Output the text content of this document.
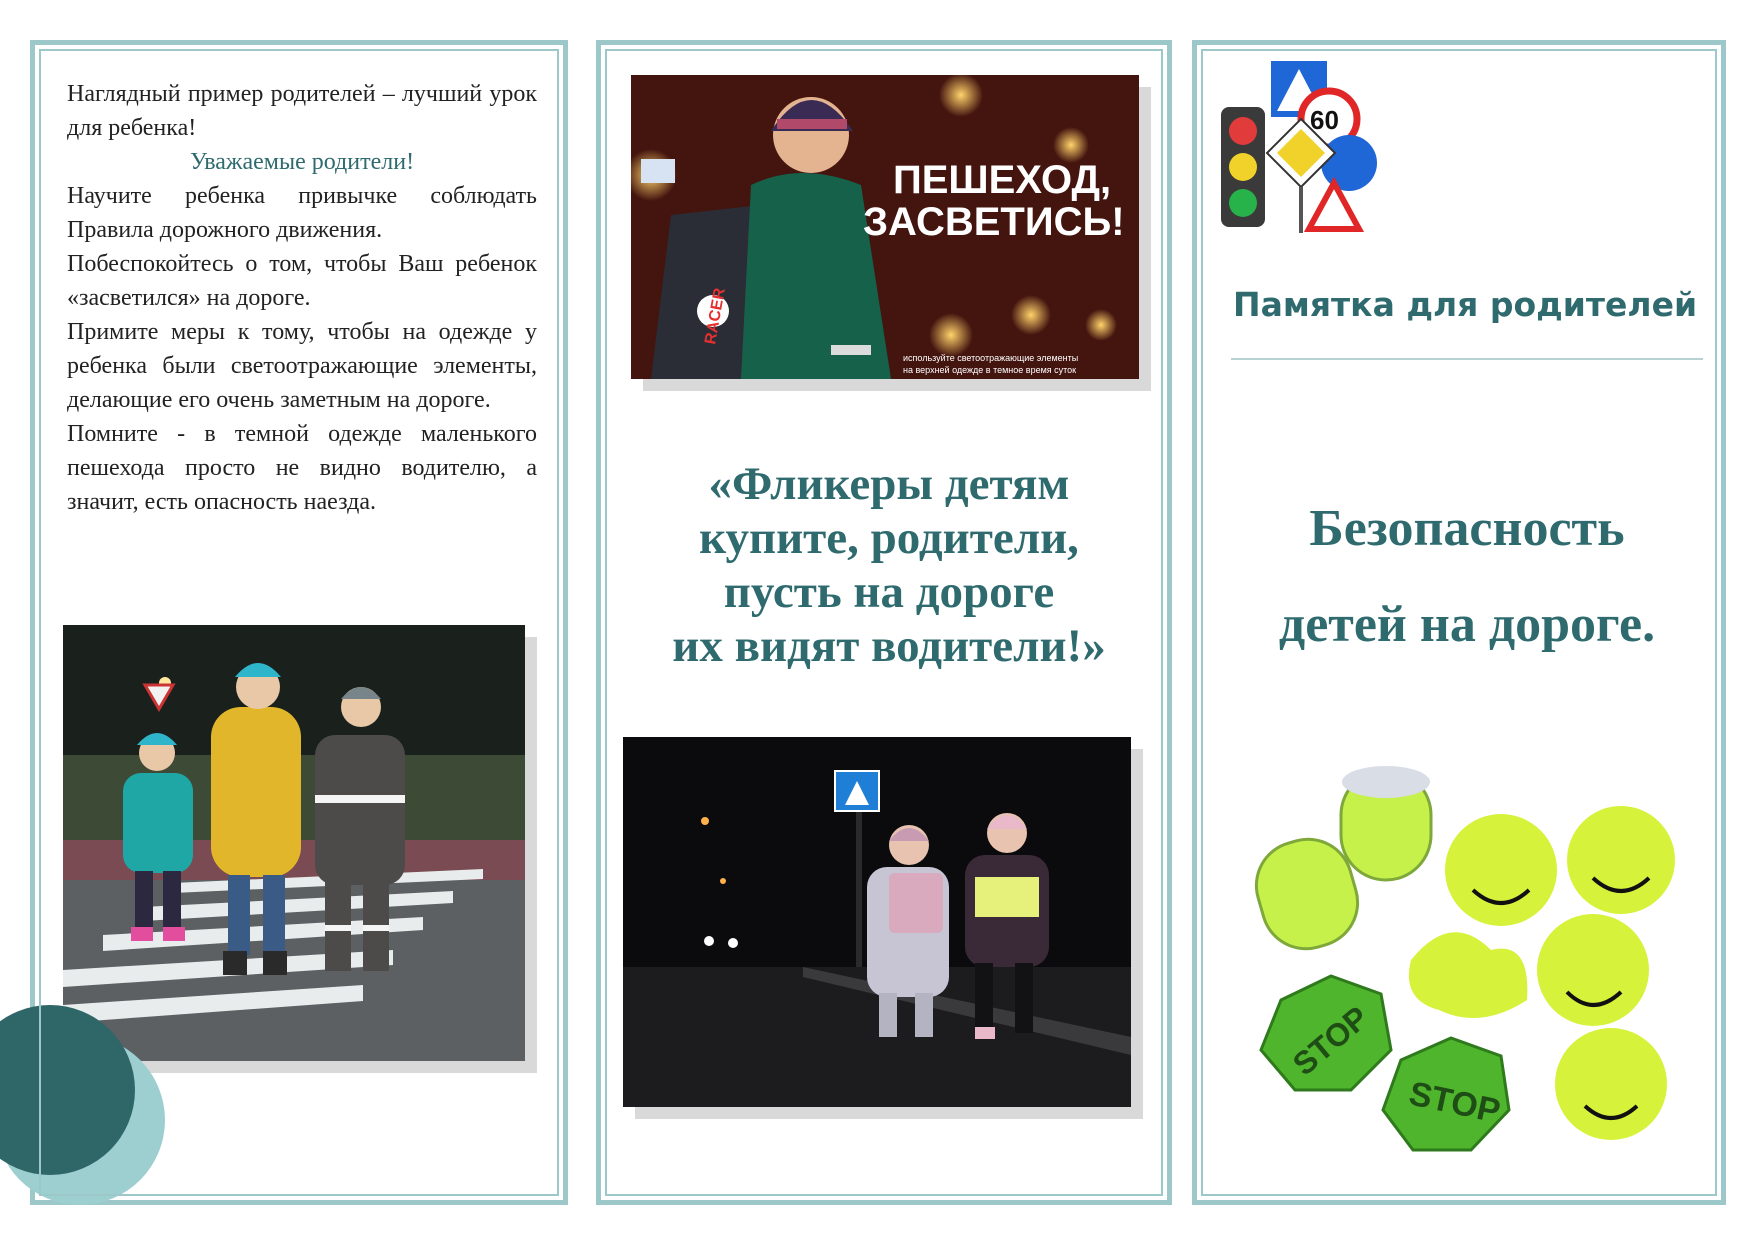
Наглядный пример родителей – лучший урок для ребенка!

Уважаемые родители!

Научите ребенка привычке соблюдать Правила дорожного движения.

Побеспокойтесь о том, чтобы Ваш ребенок «засветился» на дороге.

Примите меры к тому, чтобы на одежде у ребенка были светоотражающие элементы, делающие его очень заметным на дороге.

Помните - в темной одежде маленького пешехода просто не видно водителю, а значит, есть опасность наезда.

ПЕШЕХОД,
ЗАСВЕТИСЬ!
используйте светоотражающие элементы
на верхней одежде в темное время суток
RACER
«Фликеры детям
купите, родители,
пусть на дороге
их видят водители!»
60
Памятка для родителей
Безопасность
детей на дороге.
STOP
STOP
